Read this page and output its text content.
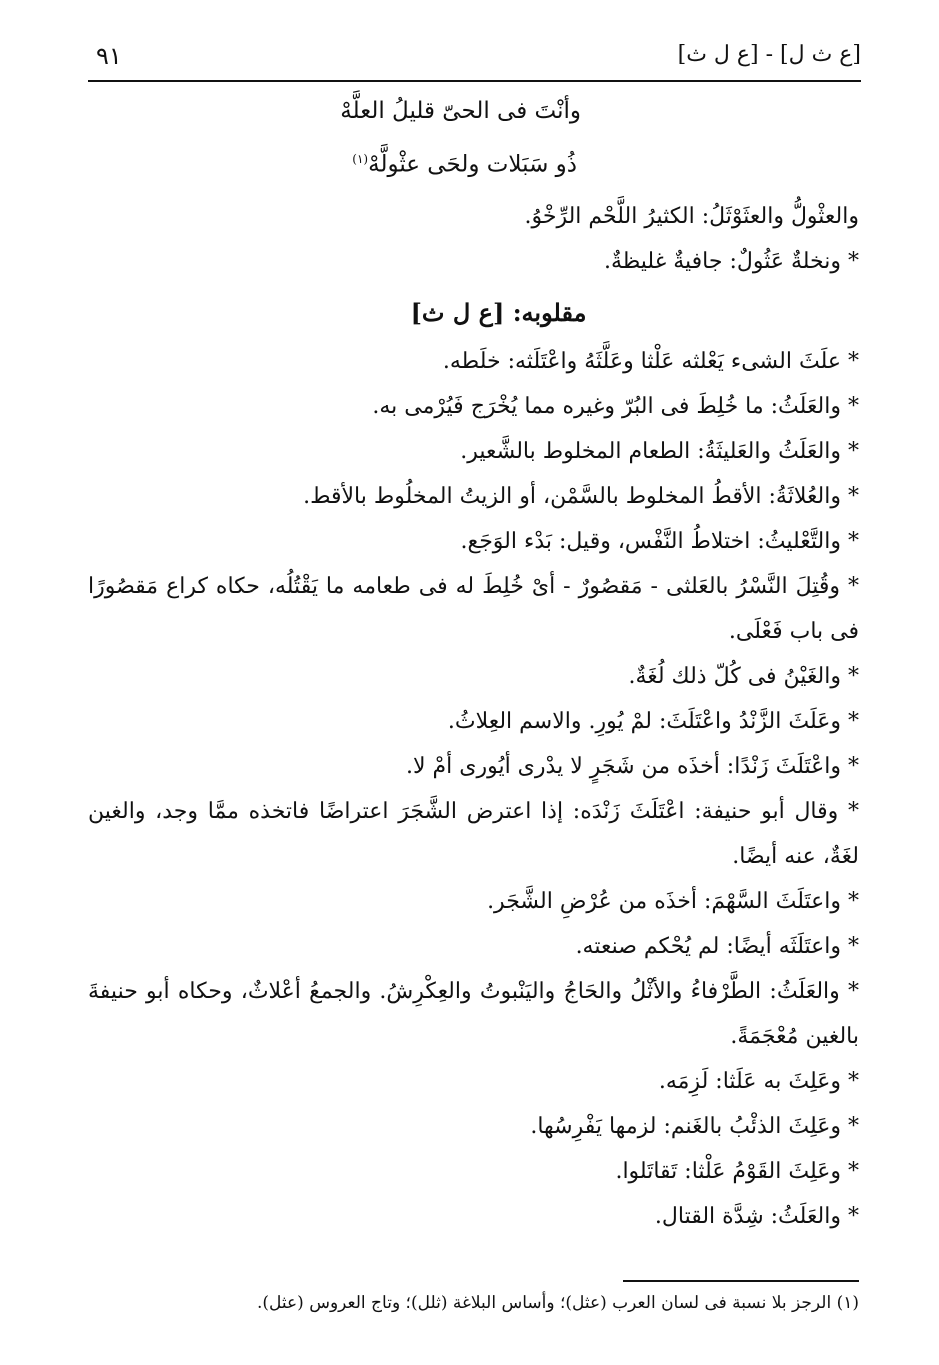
[ع ث ل] - [ع ل ث]
٩١
وأنْتَ فى الحىّ قليلُ العلَّهْ
ذُو سَبَلات ولحَى عثْولَّهْ$^{(١)}$

والعثْولُّ والعثَوْثَلُ: الكثيرُ اللَّحْم الرِّخْوُ.

* ونخلةٌ عَثُولٌ: جافيةٌ غليظةٌ.

مقلوبه: [ع ل ث]

* علَثَ الشىء يَعْلثه عَلْثا وعَلَّثَهُ واعْتَلَثه: خلَطه.

* والعَلَثُ: ما خُلِطَ فى البُرّ وغيره مما يُخْرَج فَيُرْمى به.

* والعَلَثُ والعَليثَةُ: الطعام المخلوط بالشَّعير.

* والعُلاثَةُ: الأقطُ المخلوط بالسَّمْن، أو الزيتُ المخلُوط بالأقط.

* والتَّعْليثُ: اختلاطُ النَّفْس، وقيل: بَدْء الوَجَع.

* وقُتِلَ النَّسْرُ بالعَلثى - مَقصُورٌ - أىْ خُلِطَ له فى طعامه ما يَقْتُلُه، حكاه كراع مَقصُورًا فى باب فَعْلَى.

* والغَيْنُ فى كُلّ ذلك لُغَةٌ.

* وعَلَثَ الزَّنْدُ واعْتَلَثَ: لمْ يُورِ. والاسم العِلاثُ.

* واعْتَلَثَ زَنْدًا: أخذَه من شَجَرٍ لا يدْرى أيُورى أمْ لا.

* وقال أبو حنيفة: اعْتَلَثَ زَنْدَه: إذا اعترض الشَّجَرَ اعتراضًا فاتخذه ممَّا وجد، والغين لغَةٌ، عنه أيضًا.

* واعتَلَثَ السَّهْمَ: أخذَه من عُرْضِ الشَّجَر.

* واعتَلَثَه أيضًا: لم يُحْكم صنعته.

* والعَلَثُ: الطَّرْفاءُ والأثْلُ والحَاجُ واليَنْبوتُ والعِكْرِشُ. والجمعُ أعْلاثٌ، وحكاه أبو حنيفةَ بالغين مُعْجَمَةً.

* وعَلِثَ به عَلَثا: لَزِمَه.

* وعَلِثَ الذئْبُ بالغَنم: لزمها يَفْرِسُها.

* وعَلِثَ القَوْمُ عَلْثا: تَقاتَلوا.

* والعَلَثُ: شِدَّة القتال.

(١) الرجز بلا نسبة فى لسان العرب (عثل)؛ وأساس البلاغة (ثلل)؛ وتاج العروس (عثل).
